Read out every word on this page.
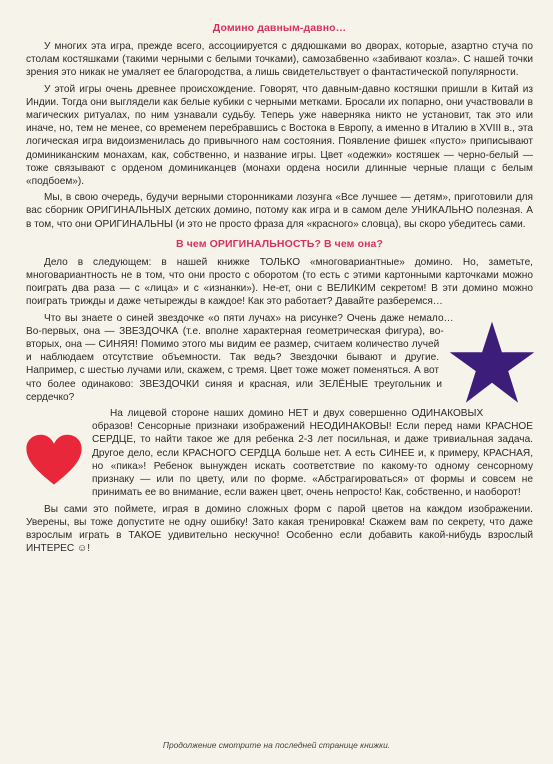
Домино давным-давно…

У многих эта игра, прежде всего, ассоциируется с дядюшками во дворах, которые, азартно стуча по столам костяшками (такими черными с белыми точками), самозабвенно «забивают козла». С нашей точки зрения это никак не умаляет ее благородства, а лишь свидетельствует о фантастической популярности.

У этой игры очень древнее происхождение. Говорят, что давным-давно костяшки пришли в Китай из Индии. Тогда они выглядели как белые кубики с черными метками. Бросали их попарно, они участвовали в магических ритуалах, по ним узнавали судьбу. Теперь уже наверняка никто не установит, так это или иначе, но, тем не менее, со временем перебравшись с Востока в Европу, а именно в Италию в XVIII в., эта логическая игра видоизменилась до привычного нам состояния. Появление фишек «пусто» приписывают доминиканским монахам, как, собственно, и название игры. Цвет «одежки» костяшек — черно-белый — тоже связывают с орденом доминиканцев (монахи ордена носили длинные черные плащи с белым «подбоем»).

Мы, в свою очередь, будучи верными сторонниками лозунга «Все лучшее — детям», приготовили для вас сборник ОРИГИНАЛЬНЫХ детских домино, потому как игра и в самом деле УНИКАЛЬНО полезная. А в том, что они ОРИГИНАЛЬНЫ (и это не просто фраза для «красного» словца), вы скоро убедитесь сами.

В чем ОРИГИНАЛЬНОСТЬ? В чем она?

Дело в следующем: в нашей книжке ТОЛЬКО «многовариантные» домино. Но, заметьте, многовариантность не в том, что они просто с оборотом (то есть с этими картонными карточками можно поиграть два раза — с «лица» и с «изнанки»). Не-ет, они с ВЕЛИКИМ секретом! В эти домино можно поиграть трижды и даже четырежды в каждое! Как это работает? Давайте разберемся…

Что вы знаете о синей звездочке «о пяти лучах» на рисунке? Очень даже немало… Во-первых, она — ЗВЕЗДОЧКА (т.е. вполне характерная геометрическая фигура), во-вторых, она — СИНЯЯ! Помимо этого мы видим ее размер, считаем количество лучей и наблюдаем отсутствие объемности. Так ведь? Звездочки бывают и другие. Например, с шестью лучами или, скажем, с тремя. Цвет тоже может поменяться. А вот что более одинаково: ЗВЕЗДОЧКИ синяя и красная, или ЗЕЛЁНЫЕ треугольник и сердечко?

На лицевой стороне наших домино НЕТ и двух совершенно ОДИНАКОВЫХ образов! Сенсорные признаки изображений НЕОДИНАКОВЫ! Если перед нами КРАСНОЕ СЕРДЦЕ, то найти такое же для ребенка 2-3 лет посильная, и даже тривиальная задача. Другое дело, если КРАСНОГО СЕРДЦА больше нет. А есть СИНЕЕ и, к примеру, КРАСНАЯ, но «пика»! Ребенок вынужден искать соответствие по какому-то одному сенсорному признаку — или по цвету, или по форме. «Абстрагироваться» от формы и совсем не принимать ее во внимание, если важен цвет, очень непросто! Как, собственно, и наоборот!

Вы сами это поймете, играя в домино сложных форм с парой цветов на каждом изображении. Уверены, вы тоже допустите не одну ошибку! Зато какая тренировка! Скажем вам по секрету, что даже взрослым играть в ТАКОЕ удивительно нескучно! Особенно если добавить какой-нибудь взрослый ИНТЕРЕС ☺!

Продолжение смотрите на последней странице книжки.
